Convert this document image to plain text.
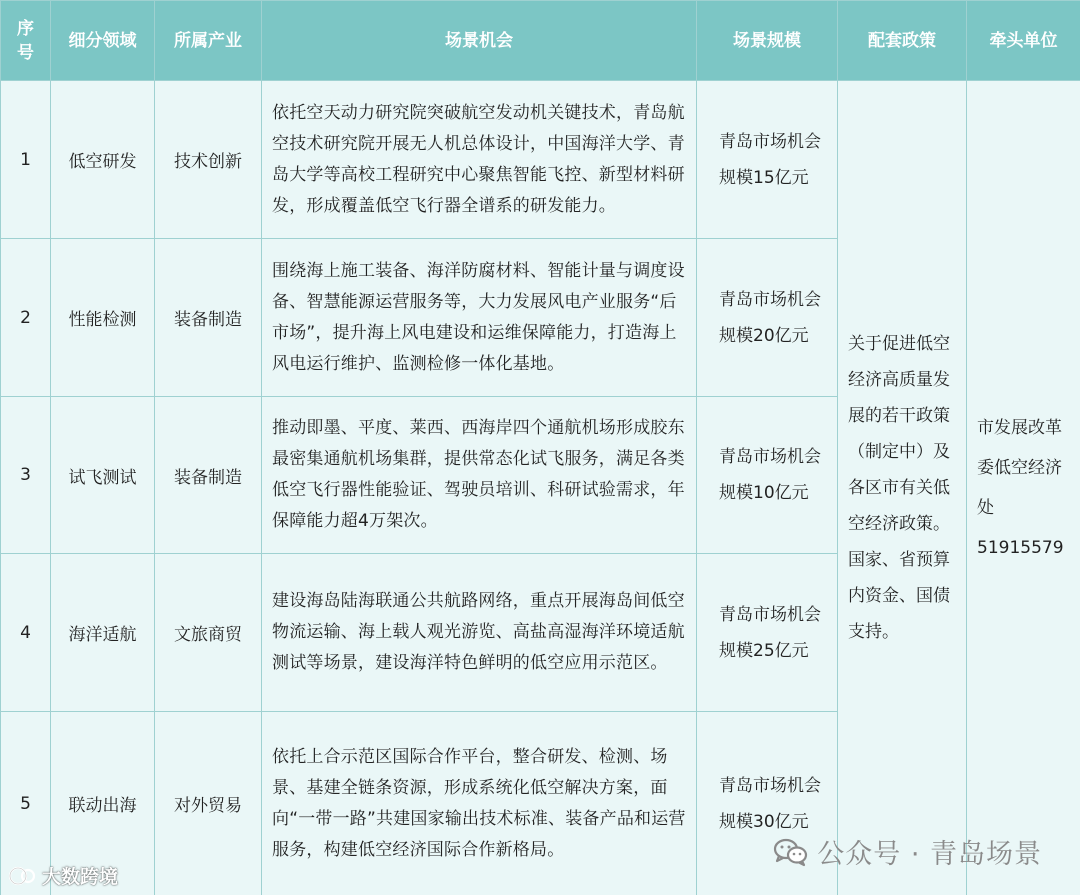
序号	细分领域	所属产业	场景机会	场景规模	配套政策	牵头单位
1	低空研发	技术创新	依托空天动力研究院突破航空发动机关键技术，青岛航空技术研究院开展无人机总体设计，中国海洋大学、青岛大学等高校工程研究中心聚焦智能飞控、新型材料研发，形成覆盖低空飞行器全谱系的研发能力。	青岛市场机会规模15亿元	关于促进低空经济高质量发展的若干政策（制定中）及各区市有关低空经济政策。国家、省预算内资金、国债支持。	市发展改革委低空经济处51915579
2	性能检测	装备制造	围绕海上施工装备、海洋防腐材料、智能计量与调度设备、智慧能源运营服务等，大力发展风电产业服务“后市场”，提升海上风电建设和运维保障能力，打造海上风电运行维护、监测检修一体化基地。	青岛市场机会规模20亿元		
3	试飞测试	装备制造	推动即墨、平度、莱西、西海岸四个通航机场形成胶东最密集通航机场集群，提供常态化试飞服务，满足各类低空飞行器性能验证、驾驶员培训、科研试验需求，年保障能力超4万架次。	青岛市场机会规模10亿元		
4	海洋适航	文旅商贸	建设海岛陆海联通公共航路网络，重点开展海岛间低空物流运输、海上载人观光游览、高盐高湿海洋环境适航测试等场景，建设海洋特色鲜明的低空应用示范区。	青岛市场机会规模25亿元		
5	联动出海	对外贸易	依托上合示范区国际合作平台，整合研发、检测、场景、基建全链条资源，形成系统化低空解决方案，面向“一带一路”共建国家输出技术标准、装备产品和运营服务，构建低空经济国际合作新格局。	青岛市场机会规模30亿元		
大数跨境
公众号 · 青岛场景
